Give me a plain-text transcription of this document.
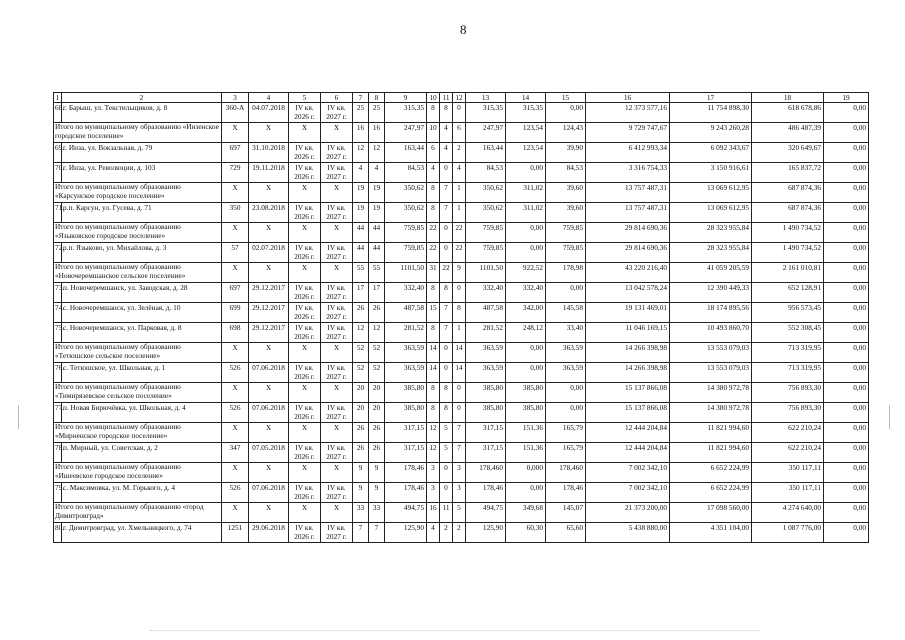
8
1	2	3	4	5	6	7	8	9	10	11	12	13	14	15	16	17	18	19
68.	г. Барыш, ул. Текстильщиков, д. 8	360-А	04.07.2018	IV кв. 2026 г.	IV кв. 2027 г.	25	25	315,35	8	8	0	315,35	315,35	0,00	12 373 577,16	11 754 898,30	618 678,86	0,00
Итого по муниципальному образованию «Инзенское городское поселение»		X	X	X	X	16	16	247,97	10	4	6	247,97	123,54	124,43	9 729 747,67	9 243 260,28	486 487,39	0,00
69.	г. Инза, ул. Вокзальная, д. 79	697	31.10.2018	IV кв. 2026 г.	IV кв. 2027 г.	12	12	163,44	6	4	2	163,44	123,54	39,90	6 412 993,34	6 092 343,67	320 649,67	0,00
70.	г. Инза, ул. Революции, д. 103	729	19.11.2018	IV кв. 2026 г.	IV кв. 2027 г.	4	4	84,53	4	0	4	84,53	0,00	84,53	3 316 754,33	3 150 916,61	165 837,72	0,00
Итого по муниципальному образованию «Карсунское городское поселение»		X	X	X	X	19	19	350,62	8	7	1	350,62	311,02	39,60	13 757 487,31	13 069 612,95	687 874,36	0,00
71.	р.п. Карсун, ул. Гусева, д. 71	350	23.08.2018	IV кв. 2026 г.	IV кв. 2027 г.	19	19	350,62	8	7	1	350,62	311,02	39,60	13 757 487,31	13 069 612,95	687 874,36	0,00
Итого по муниципальному образованию «Языковское городское поселение»		X	X	X	X	44	44	759,85	22	0	22	759,85	0,00	759,85	29 814 690,36	28 323 955,84	1 490 734,52	0,00
72.	р.п. Языково, ул. Михайлова, д. 3	57	02.07.2018	IV кв. 2026 г.	IV кв. 2027 г.	44	44	759,85	22	0	22	759,85	0,00	759,85	29 814 690,36	28 323 955,84	1 490 734,52	0,00
Итого по муниципальному образованию «Новочеремшанское сельское поселение»		X	X	X	X	55	55	1101,50	31	22	9	1101,50	922,52	178,98	43 220 216,40	41 059 205,59	2 161 010,81	0,00
73.	п. Новочеремшанск, ул. Заводская, д. 28	697	29.12.2017	IV кв. 2026 г.	IV кв. 2027 г.	17	17	332,40	8	8	0	332,40	332,40	0,00	13 042 578,24	12 390 449,33	652 128,91	0,00
74.	с. Новочеремшанск, ул. Зелёная, д. 10	699	29.12.2017	IV кв. 2026 г.	IV кв. 2027 г.	26	26	487,58	15	7	8	487,58	342,00	145,58	19 131 469,01	18 174 895,56	956 573,45	0,00
75.	с. Новочеремшанск, ул. Парковая, д. 8	698	29.12.2017	IV кв. 2026 г.	IV кв. 2027 г.	12	12	281,52	8	7	1	281,52	248,12	33,40	11 046 169,15	10 493 860,70	552 308,45	0,00
Итого по муниципальному образованию «Тетюшское сельское поселение»		X	X	X	X	52	52	363,59	14	0	14	363,59	0,00	363,59	14 266 398,98	13 553 079,03	713 319,95	0,00
76.	с. Тетюшское, ул. Школьная, д. 1	526	07.06.2018	IV кв. 2026 г.	IV кв. 2027 г.	52	52	363,59	14	0	14	363,59	0,00	363,59	14 266 398,98	13 553 079,03	713 319,95	0,00
Итого по муниципальному образованию «Тимирязевское сельское поселение»		X	X	X	X	20	20	385,80	8	8	0	385,80	385,80	0,00	15 137 866,08	14 380 972,78	756 893,30	0,00
77.	п. Новая Бирючёвка, ул. Школьная, д. 4	526	07.06.2018	IV кв. 2026 г.	IV кв. 2027 г.	20	20	385,80	8	8	0	385,80	385,80	0,00	15 137 866,08	14 380 972,78	756 893,30	0,00
Итого по муниципальному образованию «Мирненское городское поселение»		X	X	X	X	26	26	317,15	12	5	7	317,15	151,36	165,79	12 444 204,84	11 821 994,60	622 210,24	0,00
78.	п. Мирный, ул. Советская, д. 2	347	07.05.2018	IV кв. 2026 г.	IV кв. 2027 г.	26	26	317,15	12	5	7	317,15	151,36	165,79	12 444 204,84	11 821 994,60	622 210,24	0,00
Итого по муниципальному образованию «Ишеевское городское поселение»		X	X	X	X	9	9	178,46	3	0	3	178,460	0,000	178,460	7 002 342,10	6 652 224,99	350 117,11	0,00
79.	с. Максимовка, ул. М. Горького, д. 4	526	07.06.2018	IV кв. 2026 г.	IV кв. 2027 г.	9	9	178,46	3	0	3	178,46	0,00	178,46	7 002 342,10	6 652 224,99	350 117,11	0,00
Итого по муниципальному образованию «город Димитровград»		X	X	X	X	33	33	494,75	16	11	5	494,75	349,68	145,07	21 373 200,00	17 098 560,00	4 274 640,00	0,00
80.	г. Димитровград, ул. Хмельницкого, д. 74	1251	29.06.2018	IV кв. 2026 г.	IV кв. 2027 г.	7	7	125,90	4	2	2	125,90	60,30	65,60	5 438 880,00	4 351 104,00	1 087 776,00	0,00
